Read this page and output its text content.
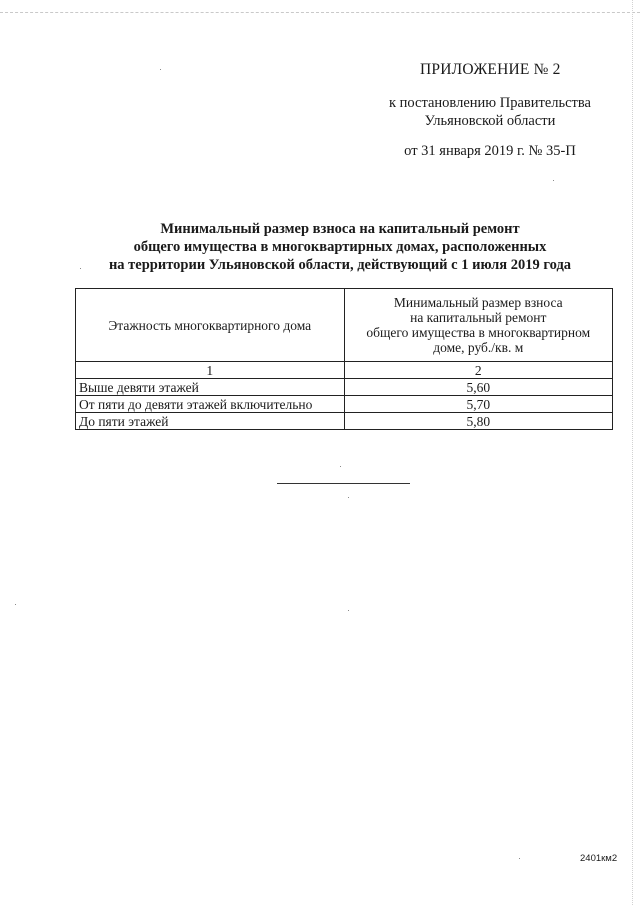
ПРИЛОЖЕНИЕ № 2
к постановлению Правительства
Ульяновской области
от 31 января 2019 г. № 35-П
Минимальный размер взноса на капитальный ремонт
общего имущества в многоквартирных домах, расположенных
на территории Ульяновской области, действующий с 1 июля 2019 года
Этажность многоквартирного дома	Минимальный размер взноса
на капитальный ремонт
общего имущества в многоквартирном
доме, руб./кв. м

1	2
Выше девяти этажей	5,60
От пяти до девяти этажей включительно	5,70
До пяти этажей	5,80
2401км2
